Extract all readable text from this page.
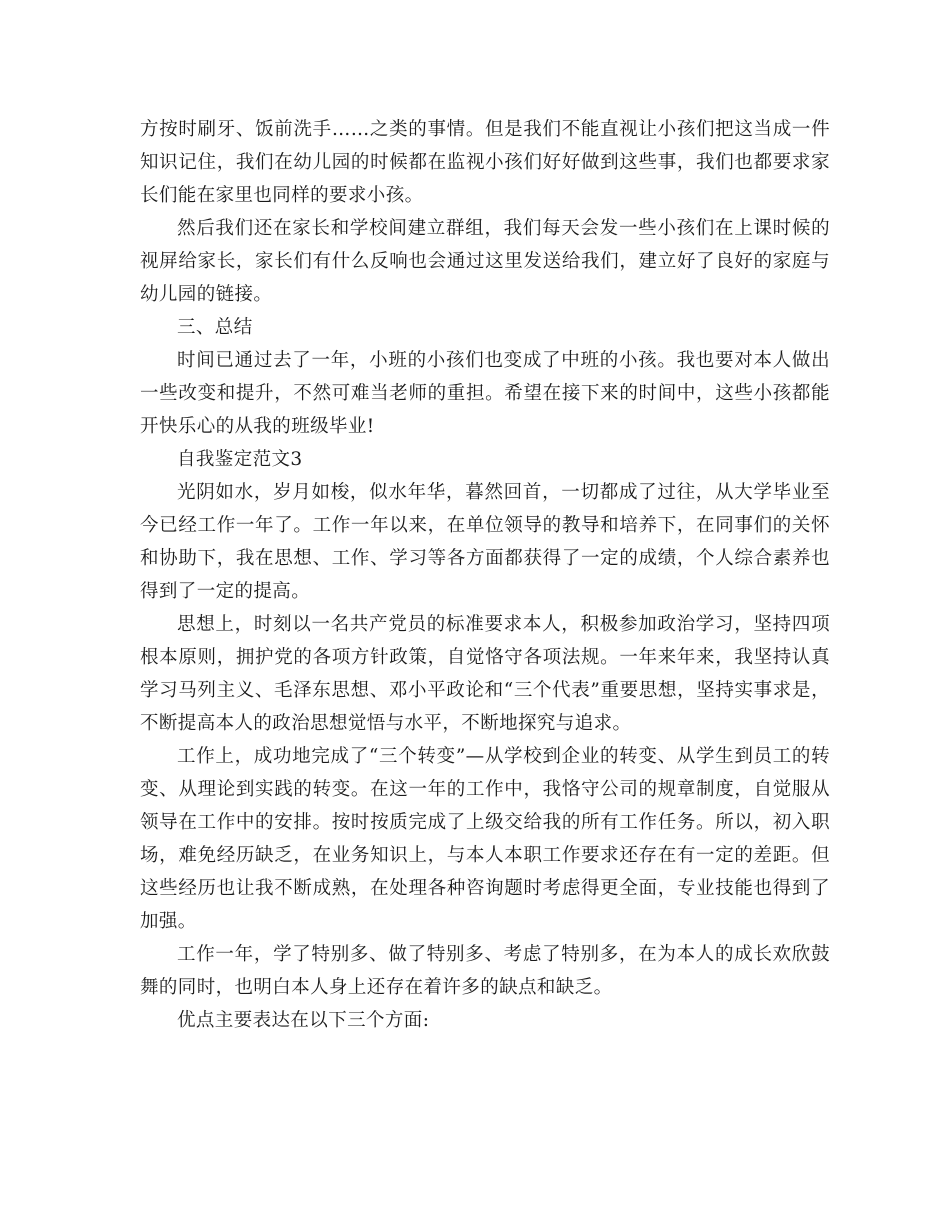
方按时刷牙、饭前洗手……之类的事情。但是我们不能直视让小孩们把这当成一件知识记住，我们在幼儿园的时候都在监视小孩们好好做到这些事，我们也都要求家长们能在家里也同样的要求小孩。

然后我们还在家长和学校间建立群组，我们每天会发一些小孩们在上课时候的视屏给家长，家长们有什么反响也会通过这里发送给我们，建立好了良好的家庭与幼儿园的链接。

三、总结

时间已通过去了一年，小班的小孩们也变成了中班的小孩。我也要对本人做出一些改变和提升，不然可难当老师的重担。希望在接下来的时间中，这些小孩都能开快乐心的从我的班级毕业!

自我鉴定范文3

光阴如水，岁月如梭，似水年华，暮然回首，一切都成了过往，从大学毕业至今已经工作一年了。工作一年以来，在单位领导的教导和培养下，在同事们的关怀和协助下，我在思想、工作、学习等各方面都获得了一定的成绩，个人综合素养也得到了一定的提高。

思想上，时刻以一名共产党员的标准要求本人，积极参加政治学习，坚持四项根本原则，拥护党的各项方针政策，自觉恪守各项法规。一年来年来，我坚持认真学习马列主义、毛泽东思想、邓小平政论和“三个代表”重要思想，坚持实事求是，不断提高本人的政治思想觉悟与水平，不断地探究与追求。

工作上，成功地完成了“三个转变”—从学校到企业的转变、从学生到员工的转变、从理论到实践的转变。在这一年的工作中，我恪守公司的规章制度，自觉服从领导在工作中的安排。按时按质完成了上级交给我的所有工作任务。所以，初入职场，难免经历缺乏，在业务知识上，与本人本职工作要求还存在有一定的差距。但这些经历也让我不断成熟，在处理各种咨询题时考虑得更全面，专业技能也得到了加强。

工作一年，学了特别多、做了特别多、考虑了特别多，在为本人的成长欢欣鼓舞的同时，也明白本人身上还存在着许多的缺点和缺乏。

优点主要表达在以下三个方面:
